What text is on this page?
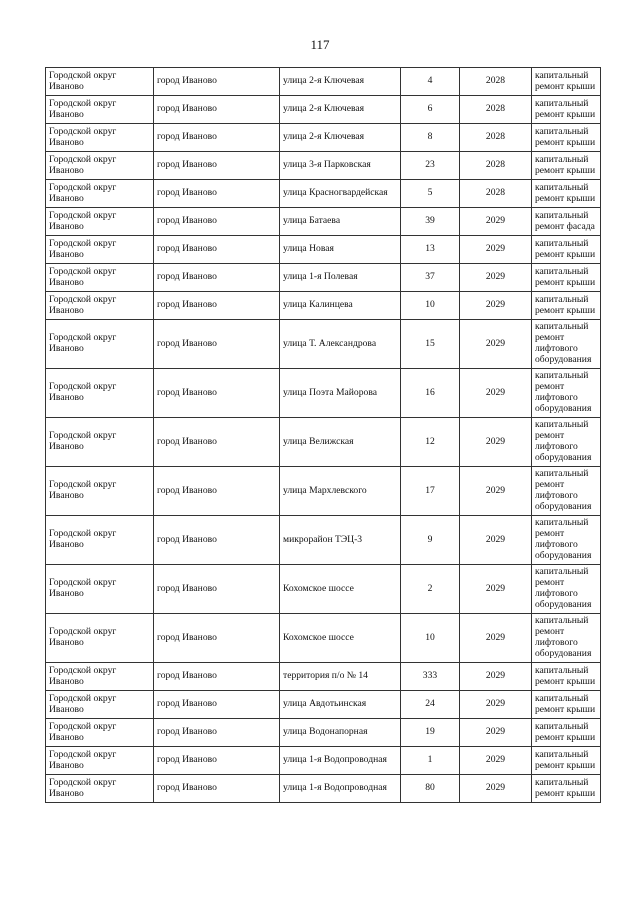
117
Городской округ Иваново	город Иваново	улица 2-я Ключевая	4	2028	капитальный ремонт крыши
Городской округ Иваново	город Иваново	улица 2-я Ключевая	6	2028	капитальный ремонт крыши
Городской округ Иваново	город Иваново	улица 2-я Ключевая	8	2028	капитальный ремонт крыши
Городской округ Иваново	город Иваново	улица 3-я Парковская	23	2028	капитальный ремонт крыши
Городской округ Иваново	город Иваново	улица Красногвардейская	5	2028	капитальный ремонт крыши
Городской округ Иваново	город Иваново	улица Батаева	39	2029	капитальный ремонт фасада
Городской округ Иваново	город Иваново	улица Новая	13	2029	капитальный ремонт крыши
Городской округ Иваново	город Иваново	улица 1-я Полевая	37	2029	капитальный ремонт крыши
Городской округ Иваново	город Иваново	улица Калинцева	10	2029	капитальный ремонт крыши
Городской округ Иваново	город Иваново	улица Т. Александрова	15	2029	капитальный ремонт лифтового оборудования
Городской округ Иваново	город Иваново	улица Поэта Майорова	16	2029	капитальный ремонт лифтового оборудования
Городской округ Иваново	город Иваново	улица Велижская	12	2029	капитальный ремонт лифтового оборудования
Городской округ Иваново	город Иваново	улица Мархлевского	17	2029	капитальный ремонт лифтового оборудования
Городской округ Иваново	город Иваново	микрорайон ТЭЦ-3	9	2029	капитальный ремонт лифтового оборудования
Городской округ Иваново	город Иваново	Кохомское шоссе	2	2029	капитальный ремонт лифтового оборудования
Городской округ Иваново	город Иваново	Кохомское шоссе	10	2029	капитальный ремонт лифтового оборудования
Городской округ Иваново	город Иваново	территория п/о № 14	333	2029	капитальный ремонт крыши
Городской округ Иваново	город Иваново	улица Авдотьинская	24	2029	капитальный ремонт крыши
Городской округ Иваново	город Иваново	улица Водонапорная	19	2029	капитальный ремонт крыши
Городской округ Иваново	город Иваново	улица 1-я Водопроводная	1	2029	капитальный ремонт крыши
Городской округ Иваново	город Иваново	улица 1-я Водопроводная	80	2029	капитальный ремонт крыши
